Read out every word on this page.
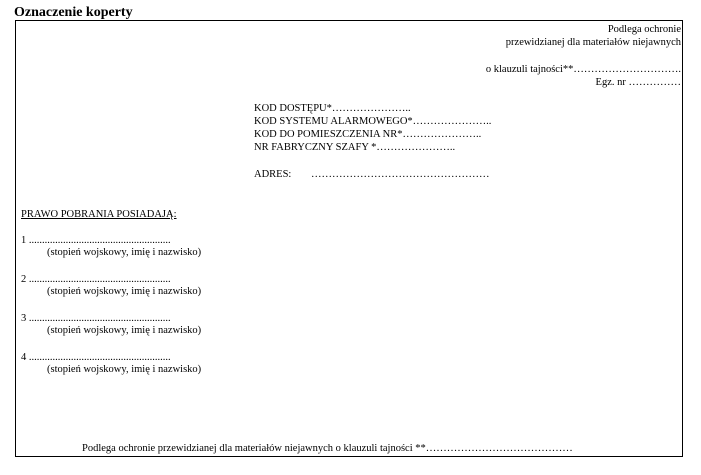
Oznaczenie koperty
Podlega ochronie
przewidzianej dla materiałów niejawnych
o klauzuli tajności**………………………….
Egz. nr ……………
KOD DOSTĘPU*…………………..
KOD SYSTEMU ALARMOWEGO*…………………..
KOD DO POMIESZCZENIA NR*…………………..
NR FABRYCZNY SZAFY *…………………..
ADRES: ……………………………………………
PRAWO POBRANIA POSIADAJĄ:
1 ......................................................
(stopień wojskowy, imię i nazwisko)
2 ......................................................
(stopień wojskowy, imię i nazwisko)
3 ......................................................
(stopień wojskowy, imię i nazwisko)
4 ......................................................
(stopień wojskowy, imię i nazwisko)
Podlega ochronie przewidzianej dla materiałów niejawnych o klauzuli tajności **……………………………………
